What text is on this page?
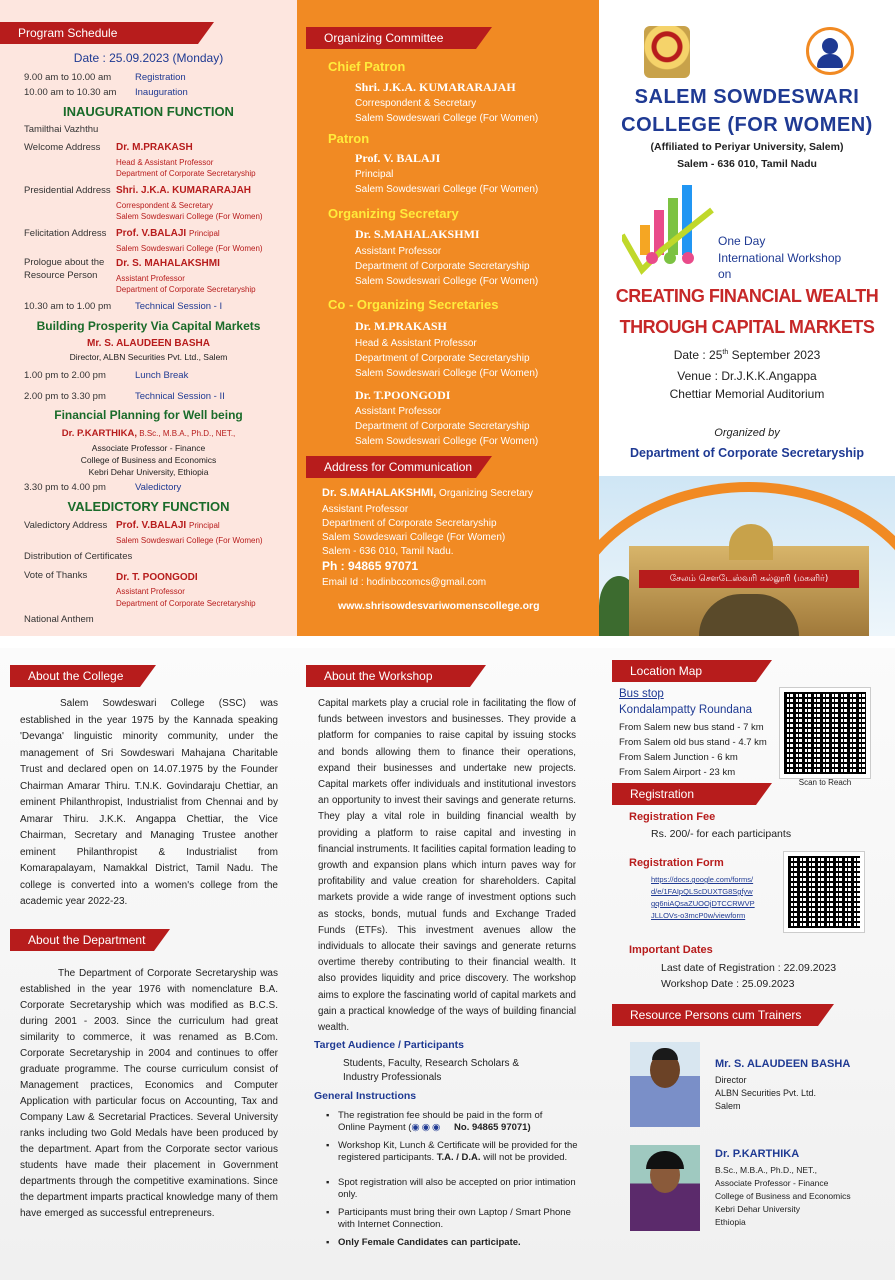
Program Schedule
Date : 25.09.2023 (Monday)
9.00 am to 10.00 am	Registration
10.00 am to 10.30 am Inauguration
INAUGURATION FUNCTION
Tamilthai Vazhthu
Welcome Address Dr. M.PRAKASH
Head & Assistant Professor
Department of Corporate Secretaryship
Presidential Address Shri. J.K.A. KUMARARAJAH
Correspondent & Secretary
Salem Sowdeswari College (For Women)
Felicitation Address Prof. V.BALAJI Principal
Salem Sowdeswari College (For Women)
Prologue about the
Resource Person
Dr. S. MAHALAKSHMI
Assistant Professor
Department of Corporate Secretaryship
10.30 am to 1.00 pm	Technical Session - I
Building Prosperity Via Capital Markets
Mr. S. ALAUDEEN BASHA
Director, ALBN Securities Pvt. Ltd., Salem
1.00 pm to 2.00 pm	Lunch Break
2.00 pm to 3.30 pm	Technical Session - II
Financial Planning for Well being
Dr. P.KARTHIKA, B.Sc., M.B.A., Ph.D., NET.,
Associate Professor - Finance
College of Business and Economics
Kebri Dehar University, Ethiopia
3.30 pm to 4.00 pm	Valedictory
VALEDICTORY FUNCTION
Valedictory Address Prof. V.BALAJI Principal
Salem Sowdeswari College (For Women)
Distribution of Certificates
Vote of Thanks	Dr. T. POONGODI
Assistant Professor
Department of Corporate Secretaryship
National Anthem
Organizing Committee
Chief Patron
Shri. J.K.A. KUMARARAJAH
Correspondent & Secretary
Salem Sowdeswari College (For Women)
Patron
Prof. V. BALAJI
Principal
Salem Sowdeswari College (For Women)
Organizing Secretary
Dr. S.MAHALAKSHMI
Assistant Professor
Department of Corporate Secretaryship
Salem Sowdeswari College (For Women)
Co - Organizing Secretaries
Dr. M.PRAKASH
Head & Assistant Professor
Department of Corporate Secretaryship
Salem Sowdeswari College (For Women)
Dr. T.POONGODI
Assistant Professor
Department of Corporate Secretaryship
Salem Sowdeswari College (For Women)
Address for Communication
Dr. S.MAHALAKSHMI, Organizing Secretary
Assistant Professor
Department of Corporate Secretaryship
Salem Sowdeswari College (For Women)
Salem - 636 010, Tamil Nadu.
Ph : 94865 97071
Email Id : hodinbccomcs@gmail.com
www.shrisowdesvariwomenscollege.org
SALEM SOWDESWARI
COLLEGE (FOR WOMEN)
(Affiliated to Periyar University, Salem)
Salem - 636 010, Tamil Nadu
One Day
International Workshop
on
CREATING FINANCIAL WEALTH
THROUGH CAPITAL MARKETS
Date : 25th September 2023
Venue : Dr.J.K.K.Angappa
Chettiar Memorial Auditorium
Organized by
Department of Corporate Secretaryship
சேலம் சௌடேஸ்வரி கல்லூரி (மகளிர்)
About the College
Salem Sowdeswari College (SSC) was established in the year 1975 by the Kannada speaking 'Devanga' linguistic minority community, under the management of Sri Sowdeswari Mahajana Charitable Trust and declared open on 14.07.1975 by the Founder Chairman Amarar Thiru. T.N.K. Govindaraju Chettiar, an eminent Philanthropist, Industrialist from Chennai and by Amarar Thiru. J.K.K. Angappa Chettiar, the Vice Chairman, Secretary and Managing Trustee another eminent Philanthropist & Industrialist from Komarapalayam, Namakkal District, Tamil Nadu. The college is converted into a women's college from the academic year 2022-23.
About the Department
The Department of Corporate Secretaryship was established in the year 1976 with nomenclature B.A. Corporate Secretaryship which was modified as B.C.S. during 2001 - 2003. Since the curriculum had great similarity to commerce, it was renamed as B.Com. Corporate Secretaryship in 2004 and continues to offer graduate programme. The course curriculum consist of Management practices, Economics and Computer Application with particular focus on Accounting, Tax and Company Law & Secretarial Practices. Several University ranks including two Gold Medals have been produced by the department. Apart from the Corporate sector various students have made their placement in Government departments through the competitive examinations. Since the department imparts practical knowledge many of them have emerged as successful entrepreneurs.
About the Workshop
Capital markets play a crucial role in facilitating the flow of funds between investors and businesses. They provide a platform for companies to raise capital by issuing stocks and bonds allowing them to finance their operations, expand their businesses and undertake new projects. Capital markets offer individuals and institutional investors an opportunity to invest their savings and generate returns. They play a vital role in building financial wealth by providing a platform to raise capital and investing in financial instruments. It facilities capital formation leading to growth and expansion plans which inturn paves way for profitability and value creation for shareholders. Capital markets provide a wide range of investment options such as stocks, bonds, mutual funds and Exchange Traded Funds (ETFs). This investment avenues allow the individuals to allocate their savings and generate returns overtime thereby contributing to their financial wealth. It also provides liquidity and price discovery. The workshop aims to explore the fascinating world of capital markets and gain a practical knowledge of the ways of building financial wealth.
Target Audience / Participants
Students, Faculty, Research Scholars &
Industry Professionals
General Instructions
▪ The registration fee should be paid in the form of
Online Payment (◉◉◉ No. 94865 97071)
▪ Workshop Kit, Lunch & Certificate will be provided for the registered participants. T.A. / D.A. will not be provided.
▪ Spot registration will also be accepted on prior intimation only.
▪ Participants must bring their own Laptop / Smart Phone with Internet Connection.
▪ Only Female Candidates can participate.
Location Map
Bus stop
Kondalampatty Roundana
From Salem new bus stand - 7 km
From Salem old bus stand - 4.7 km
From Salem Junction - 6 km
From Salem Airport - 23 km
Scan to Reach
Registration
Registration Fee
Rs. 200/- for each participants
Registration Form
https://docs.google.com/forms/
d/e/1FAIpQLScDUXTG8Sgfyw
gq6niAQsaZUOOjDTCCRWVP
JLLOVs-o3mcP0w/viewform
Important Dates
Last date of Registration : 22.09.2023
Workshop Date : 25.09.2023
Resource Persons cum Trainers
Mr. S. ALAUDEEN BASHA
Director
ALBN Securities Pvt. Ltd.
Salem
Dr. P.KARTHIKA
B.Sc., M.B.A., Ph.D., NET.,
Associate Professor - Finance
College of Business and Economics
Kebri Dehar University
Ethiopia
